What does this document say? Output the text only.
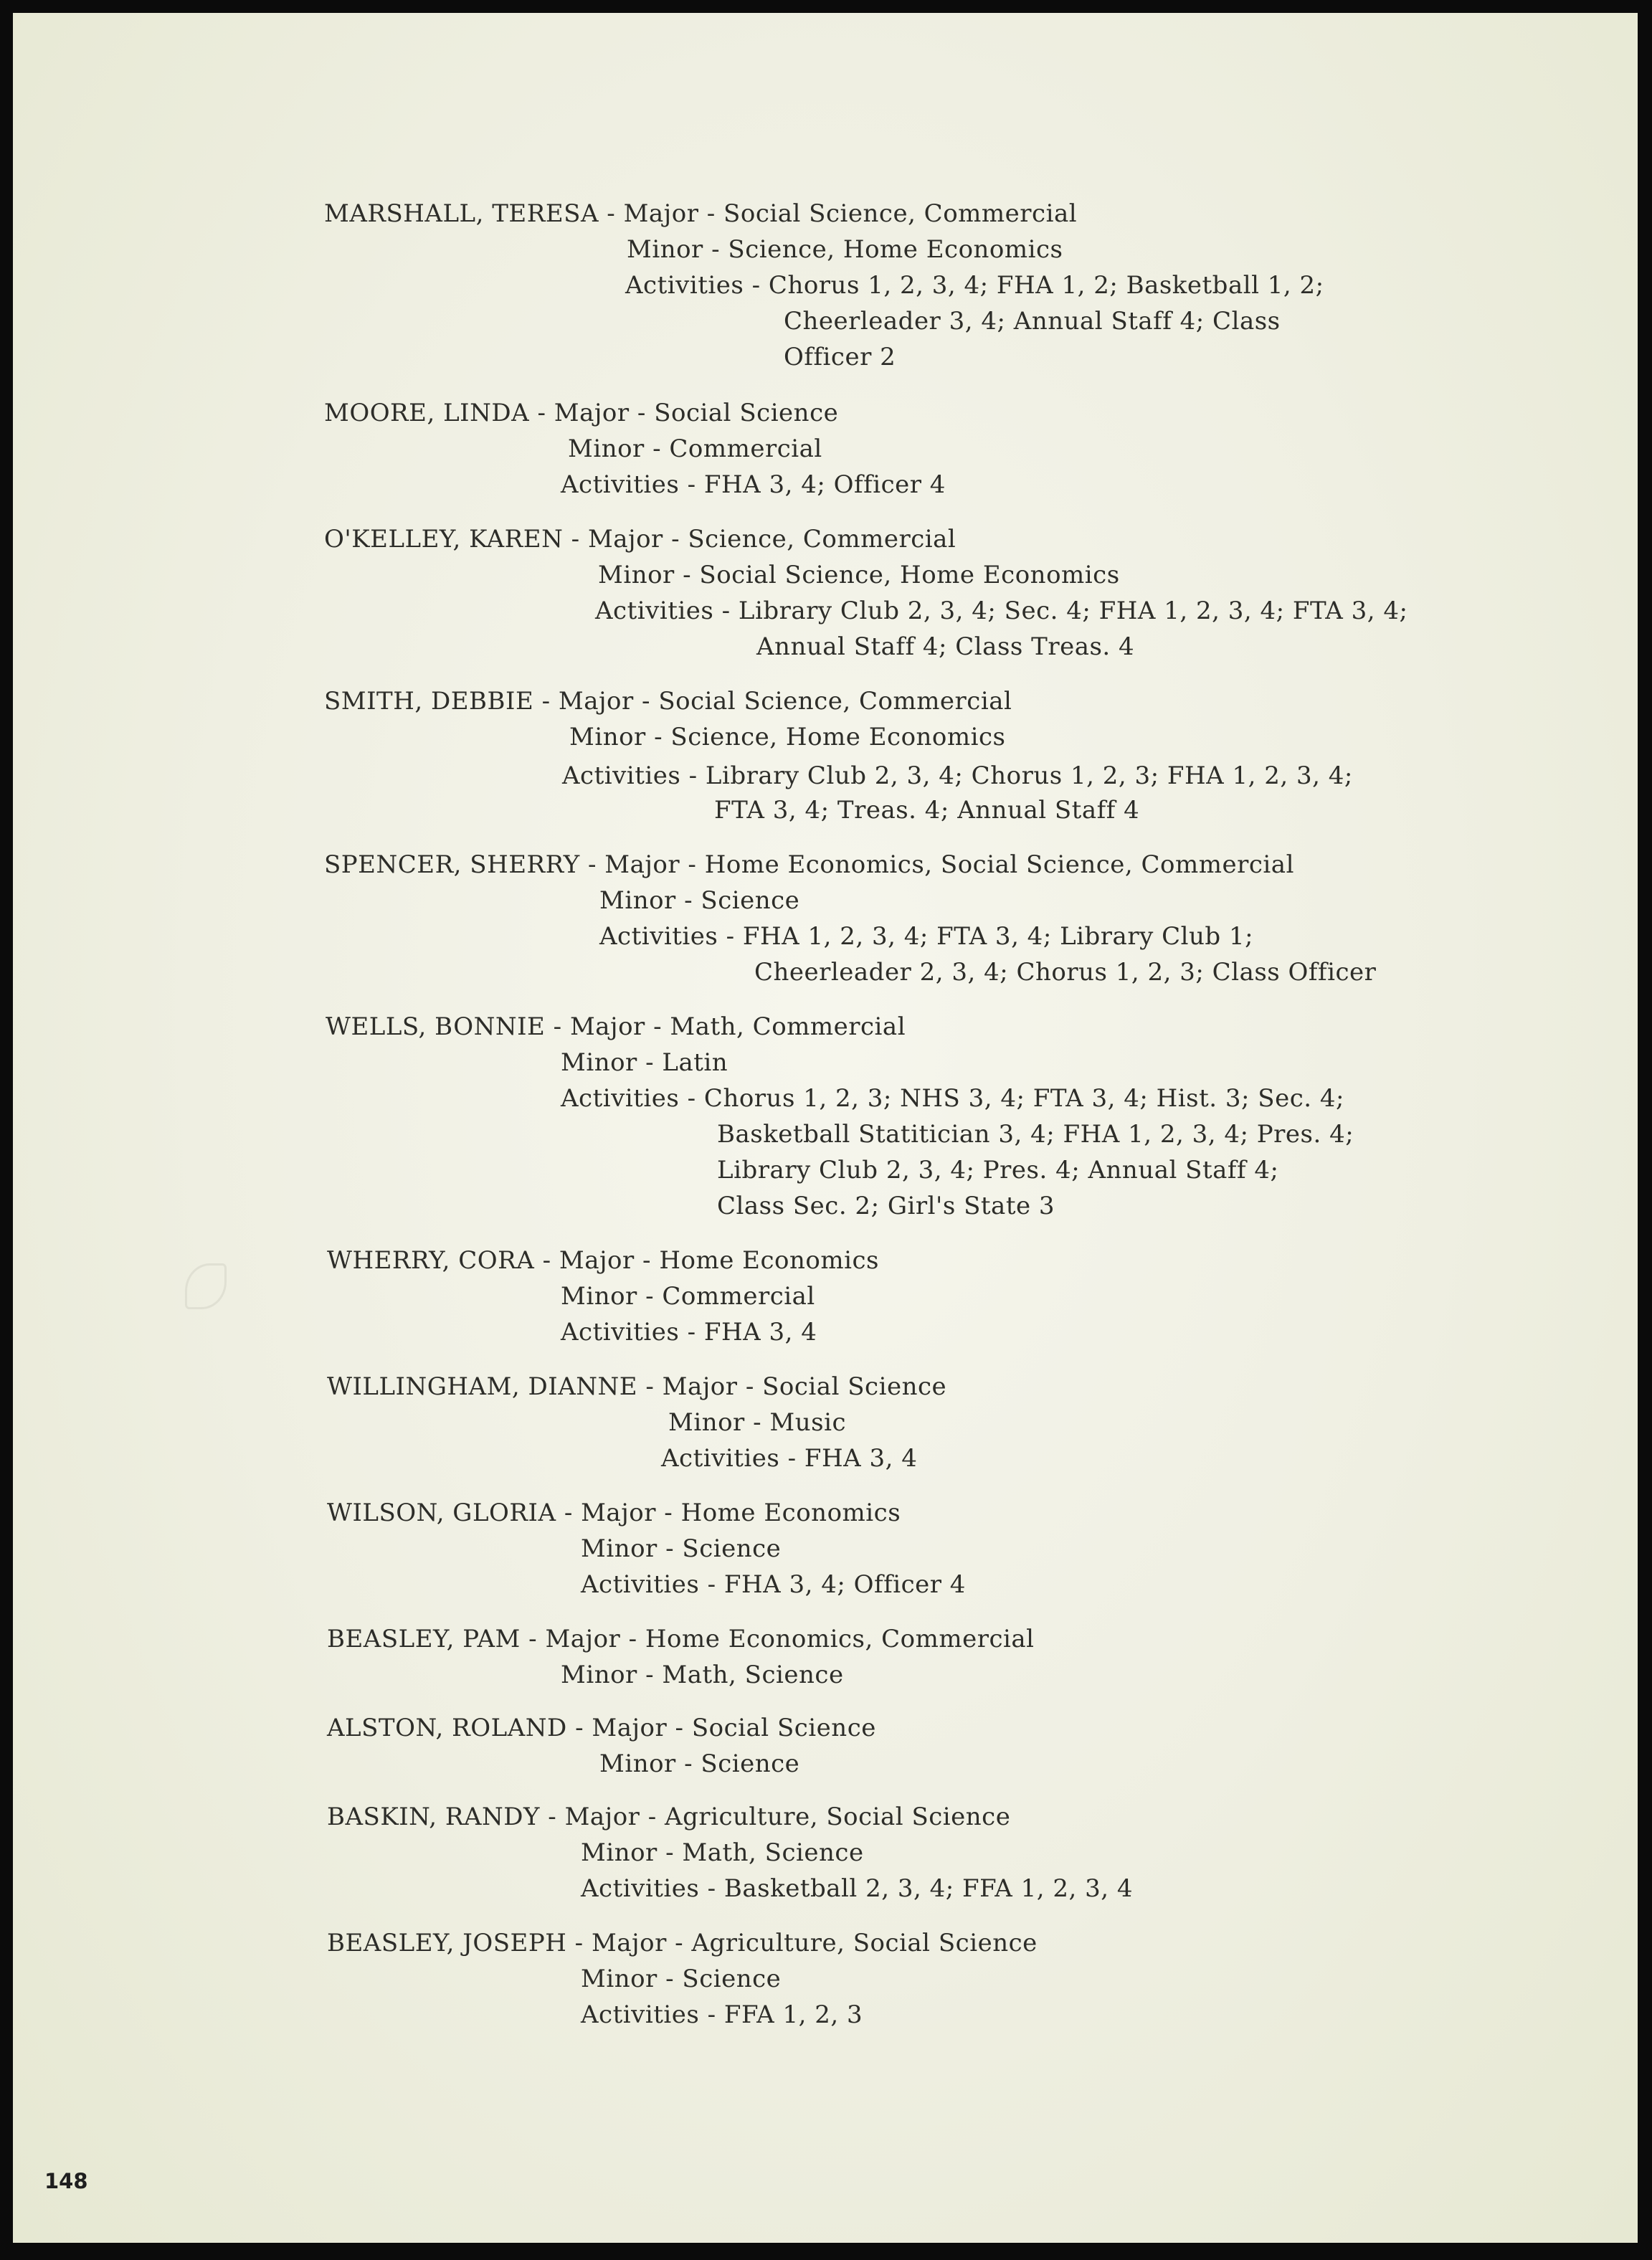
MARSHALL, TERESA - Major - Social Science, Commercial

Minor - Science, Home Economics

Activities - Chorus 1, 2, 3, 4; FHA 1, 2; Basketball 1, 2;

Cheerleader 3, 4; Annual Staff 4; Class

Officer 2

MOORE, LINDA - Major - Social Science

Minor - Commercial

Activities - FHA 3, 4; Officer 4

O'KELLEY, KAREN - Major - Science, Commercial

Minor - Social Science, Home Economics

Activities - Library Club 2, 3, 4; Sec. 4; FHA 1, 2, 3, 4; FTA 3, 4;

Annual Staff 4; Class Treas. 4

SMITH, DEBBIE - Major - Social Science, Commercial

Minor - Science, Home Economics

Activities - Library Club 2, 3, 4; Chorus 1, 2, 3; FHA 1, 2, 3, 4;

FTA 3, 4; Treas. 4; Annual Staff 4

SPENCER, SHERRY - Major - Home Economics, Social Science, Commercial

Minor - Science

Activities - FHA 1, 2, 3, 4; FTA 3, 4; Library Club 1;

Cheerleader 2, 3, 4; Chorus 1, 2, 3; Class Officer

WELLS, BONNIE - Major - Math, Commercial

Minor - Latin

Activities - Chorus 1, 2, 3; NHS 3, 4; FTA 3, 4; Hist. 3; Sec. 4;

Basketball Statitician 3, 4; FHA 1, 2, 3, 4; Pres. 4;

Library Club 2, 3, 4; Pres. 4; Annual Staff 4;

Class Sec. 2; Girl's State 3

WHERRY, CORA - Major - Home Economics

Minor - Commercial

Activities - FHA 3, 4

WILLINGHAM, DIANNE - Major - Social Science

Minor - Music

Activities - FHA 3, 4

WILSON, GLORIA - Major - Home Economics

Minor - Science

Activities - FHA 3, 4; Officer 4

BEASLEY, PAM - Major - Home Economics, Commercial

Minor - Math, Science

ALSTON, ROLAND - Major - Social Science

Minor - Science

BASKIN, RANDY - Major - Agriculture, Social Science

Minor - Math, Science

Activities - Basketball 2, 3, 4; FFA 1, 2, 3, 4

BEASLEY, JOSEPH - Major - Agriculture, Social Science

Minor - Science

Activities - FFA 1, 2, 3

148
